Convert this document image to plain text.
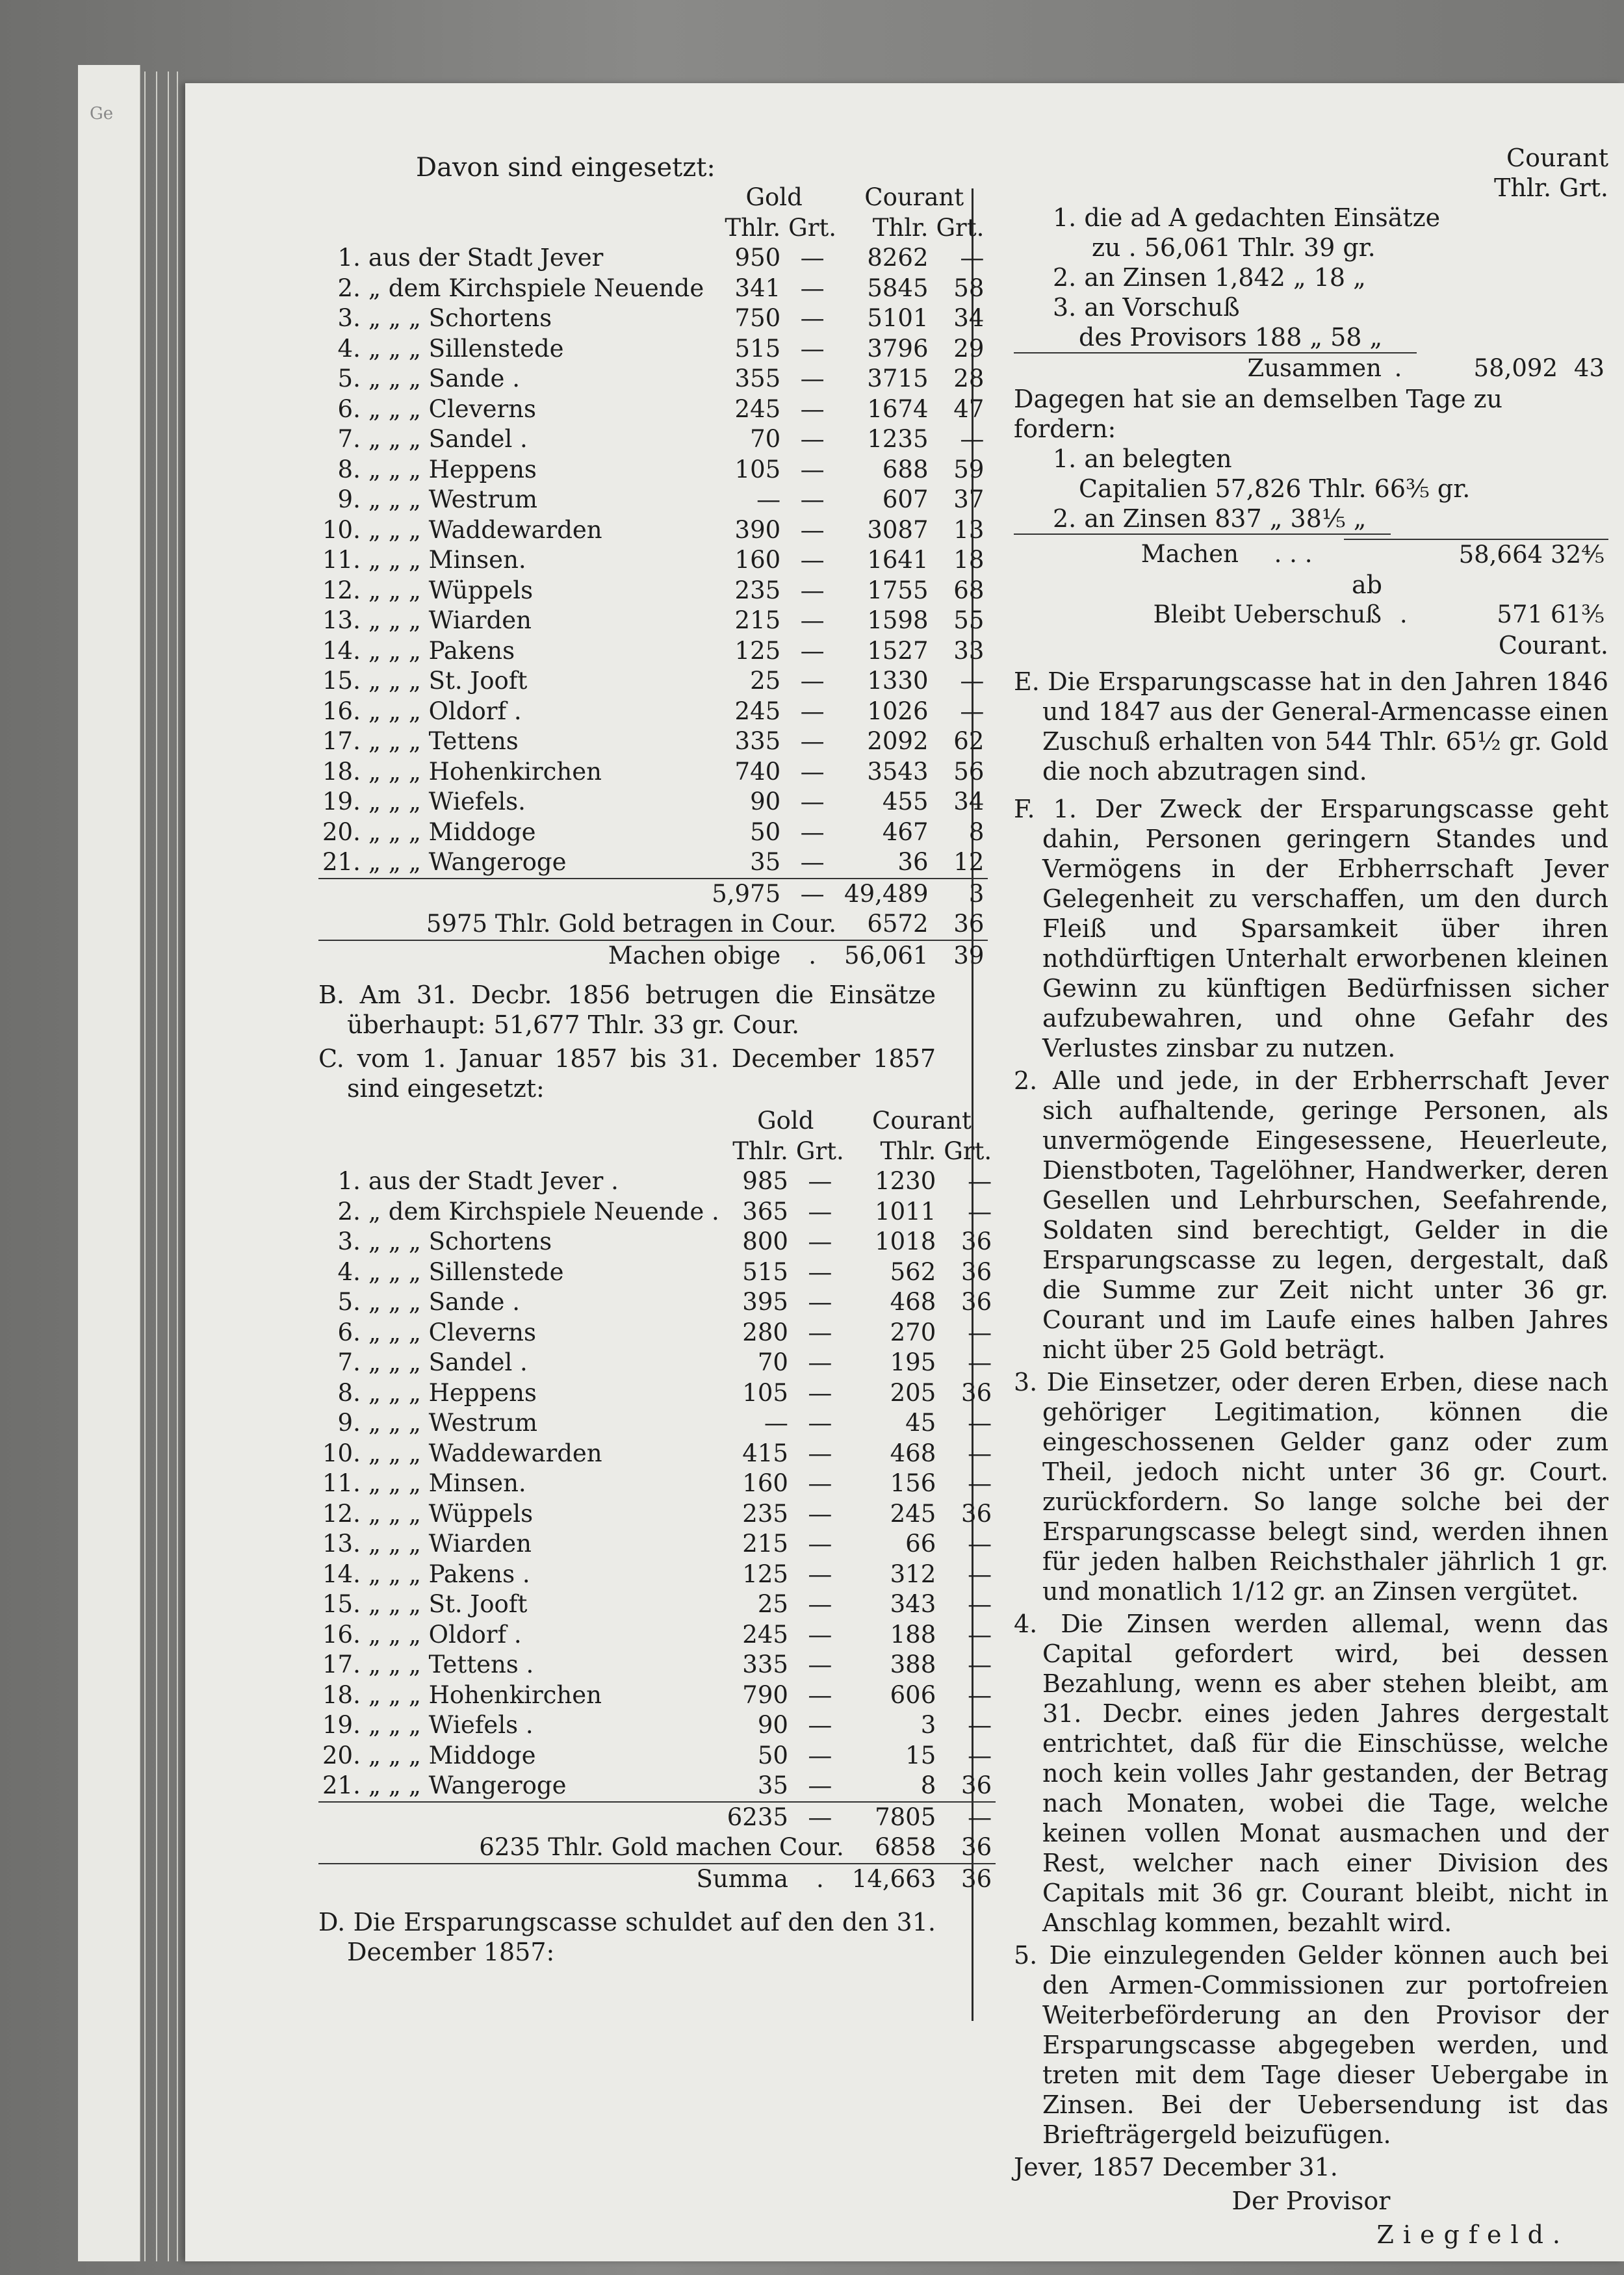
Ge

Davon sind eingesetzt:

		Gold		Courant	
		Thlr.	Grt.	Thlr.	Grt.
1.	aus der Stadt Jever	950	—	8262	—
2.	„ dem Kirchspiele Neuende	341	—	5845	58
3.	„ „ „ Schortens	750	—	5101	34
4.	„ „ „ Sillenstede	515	—	3796	29
5.	„ „ „ Sande .	355	—	3715	28
6.	„ „ „ Cleverns	245	—	1674	47
7.	„ „ „ Sandel .	70	—	1235	—
8.	„ „ „ Heppens	105	—	688	59
9.	„ „ „ Westrum	—	—	607	37
10.	„ „ „ Waddewarden	390	—	3087	13
11.	„ „ „ Minsen.	160	—	1641	18
12.	„ „ „ Wüppels	235	—	1755	68
13.	„ „ „ Wiarden	215	—	1598	55
14.	„ „ „ Pakens	125	—	1527	33
15.	„ „ „ St. Jooft	25	—	1330	—
16.	„ „ „ Oldorf .	245	—	1026	—
17.	„ „ „ Tettens	335	—	2092	62
18.	„ „ „ Hohenkirchen	740	—	3543	56
19.	„ „ „ Wiefels.	90	—	455	34
20.	„ „ „ Middoge	50	—	467	8
21.	„ „ „ Wangeroge	35	—	36	12
		5,975	—	49,489	3
5975 Thlr. Gold betragen in Cour.				6572	36
	Machen obige		.	56,061	39

B. Am 31. Decbr. 1856 betrugen die Einsätze überhaupt: 51,677 Thlr. 33 gr. Cour.

C. vom 1. Januar 1857 bis 31. December 1857 sind eingesetzt:

		Gold		Courant	
		Thlr.	Grt.	Thlr.	Grt.
1.	aus der Stadt Jever .	985	—	1230	—
2.	„ dem Kirchspiele Neuende .	365	—	1011	—
3.	„ „ „ Schortens	800	—	1018	36
4.	„ „ „ Sillenstede	515	—	562	36
5.	„ „ „ Sande .	395	—	468	36
6.	„ „ „ Cleverns	280	—	270	—
7.	„ „ „ Sandel .	70	—	195	—
8.	„ „ „ Heppens	105	—	205	36
9.	„ „ „ Westrum	—	—	45	—
10.	„ „ „ Waddewarden	415	—	468	—
11.	„ „ „ Minsen.	160	—	156	—
12.	„ „ „ Wüppels	235	—	245	36
13.	„ „ „ Wiarden	215	—	66	—
14.	„ „ „ Pakens .	125	—	312	—
15.	„ „ „ St. Jooft	25	—	343	—
16.	„ „ „ Oldorf .	245	—	188	—
17.	„ „ „ Tettens .	335	—	388	—
18.	„ „ „ Hohenkirchen	790	—	606	—
19.	„ „ „ Wiefels .	90	—	3	—
20.	„ „ „ Middoge	50	—	15	—
21.	„ „ „ Wangeroge	35	—	8	36
		6235	—	7805	—
6235 Thlr. Gold machen Cour.				6858	36
	Summa		.	14,663	36

D. Die Ersparungscasse schuldet auf den den 31. December 1857:

Courant
Thlr. Grt.
1. die ad A gedachten Einsätze
zu . 56,061 Thlr. 39 gr.
2. an Zinsen 1,842 „ 18 „
3. an Vorschuß
des Provisors 188 „ 58 „
Zusammen	.	58,092	43
Dagegen hat sie an demselben Tage zu fordern:
1. an belegten
Capitalien 57,826 Thlr. 66⅗ gr.
2. an Zinsen 837 „ 38⅕ „
Machen	. . .	58,664	32⅘
ab
Bleibt Ueberschuß	.	571	61⅗
Courant.

E. Die Ersparungscasse hat in den Jahren 1846 und 1847 aus der General-Armencasse einen Zuschuß erhalten von 544 Thlr. 65½ gr. Gold die noch abzutragen sind.

F. 1. Der Zweck der Ersparungscasse geht dahin, Personen geringern Standes und Vermögens in der Erbherrschaft Jever Gelegenheit zu verschaffen, um den durch Fleiß und Sparsamkeit über ihren nothdürftigen Unterhalt erworbenen kleinen Gewinn zu künftigen Bedürfnissen sicher aufzubewahren, und ohne Gefahr des Verlustes zinsbar zu nutzen.

2. Alle und jede, in der Erbherrschaft Jever sich aufhaltende, geringe Personen, als unvermögende Eingesessene, Heuerleute, Dienstboten, Tagelöhner, Handwerker, deren Gesellen und Lehrburschen, Seefahrende, Soldaten sind berechtigt, Gelder in die Ersparungscasse zu legen, dergestalt, daß die Summe zur Zeit nicht unter 36 gr. Courant und im Laufe eines halben Jahres nicht über 25 Gold beträgt.

3. Die Einsetzer, oder deren Erben, diese nach gehöriger Legitimation, können die eingeschossenen Gelder ganz oder zum Theil, jedoch nicht unter 36 gr. Court. zurückfordern. So lange solche bei der Ersparungscasse belegt sind, werden ihnen für jeden halben Reichsthaler jährlich 1 gr. und monatlich 1/12 gr. an Zinsen vergütet.

4. Die Zinsen werden allemal, wenn das Capital gefordert wird, bei dessen Bezahlung, wenn es aber stehen bleibt, am 31. Decbr. eines jeden Jahres dergestalt entrichtet, daß für die Einschüsse, welche noch kein volles Jahr gestanden, der Betrag nach Monaten, wobei die Tage, welche keinen vollen Monat ausmachen und der Rest, welcher nach einer Division des Capitals mit 36 gr. Courant bleibt, nicht in Anschlag kommen, bezahlt wird.

5. Die einzulegenden Gelder können auch bei den Armen-Commissionen zur portofreien Weiterbeförderung an den Provisor der Ersparungscasse abgegeben werden, und treten mit dem Tage dieser Uebergabe in Zinsen. Bei der Uebersendung ist das Briefträgergeld beizufügen.

Jever, 1857 December 31.
Der Provisor
Ziegfeld.
